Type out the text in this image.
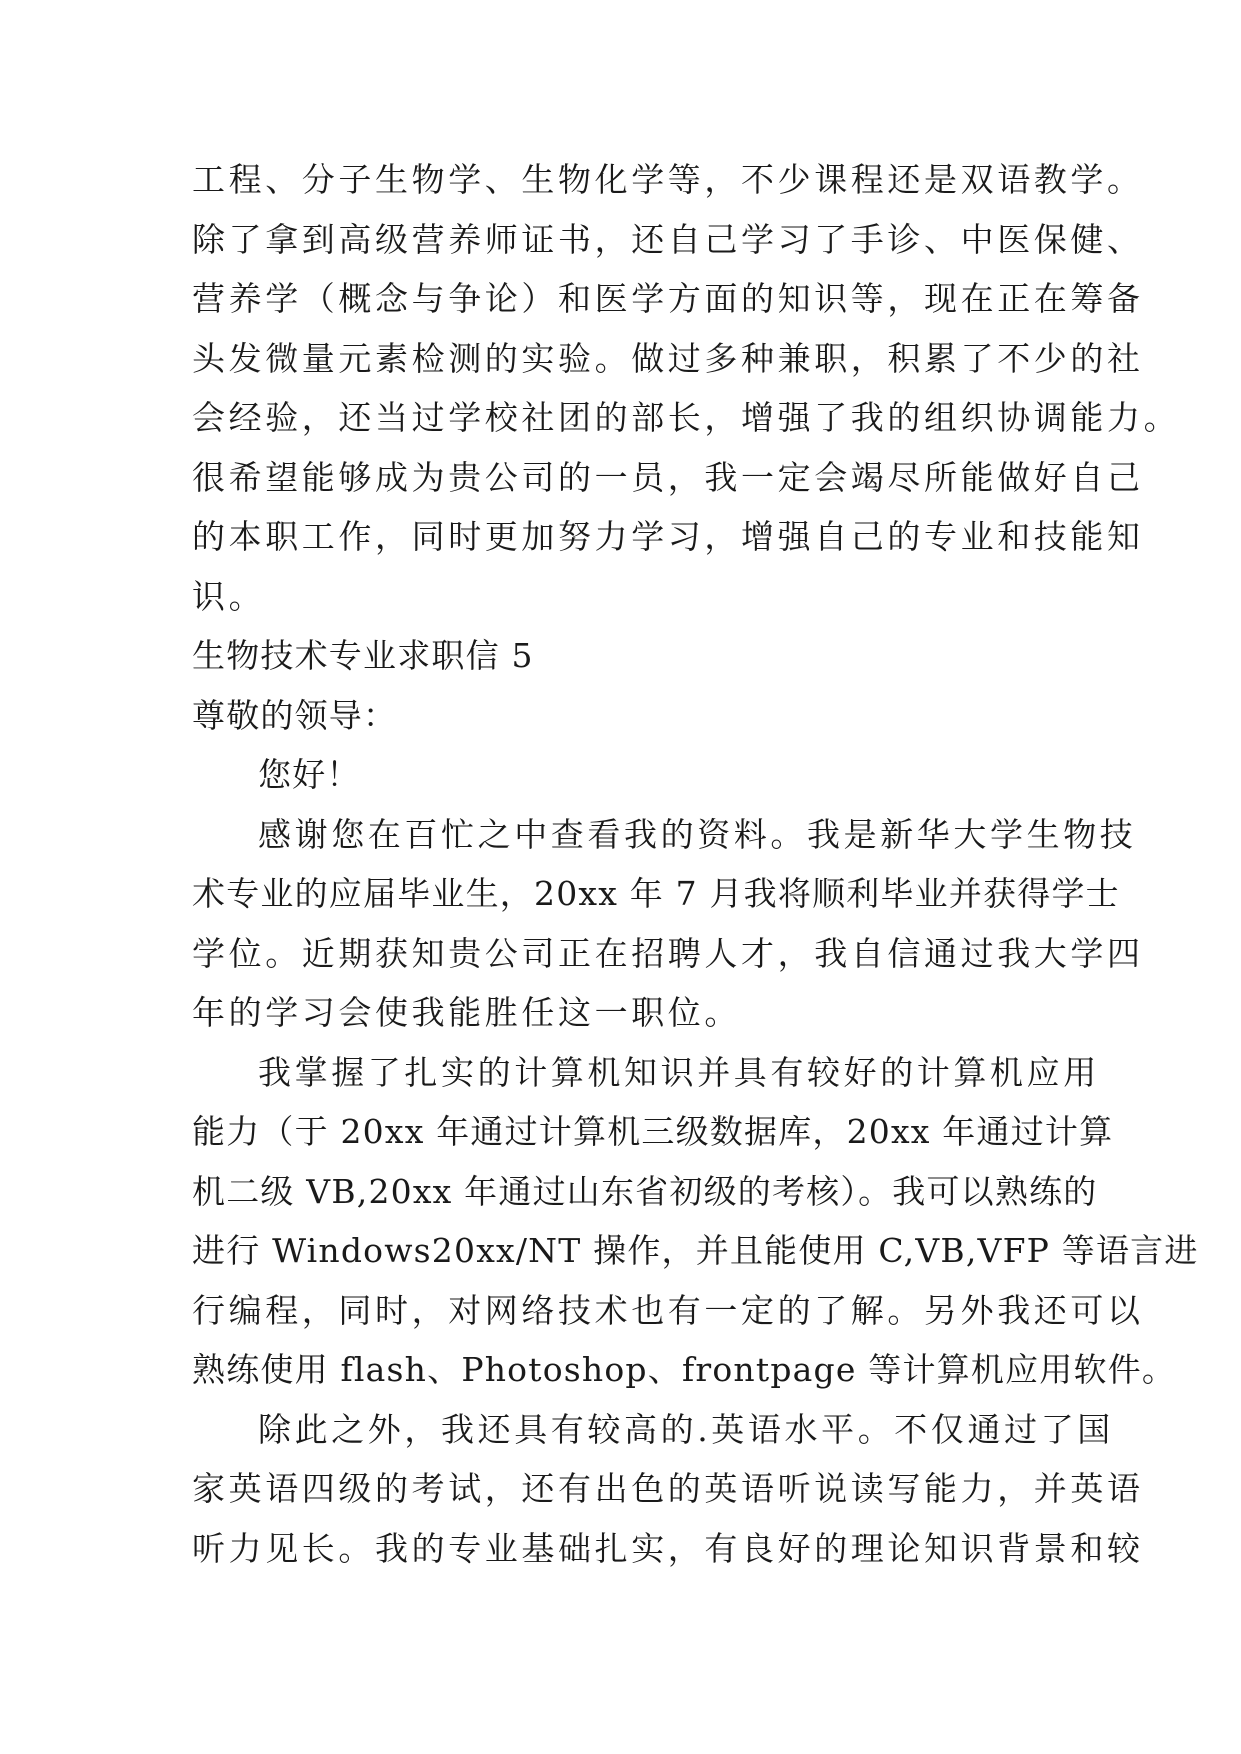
工程、分子生物学、生物化学等，不少课程还是双语教学。
除了拿到高级营养师证书，还自己学习了手诊、中医保健、
营养学（概念与争论）和医学方面的知识等，现在正在筹备
头发微量元素检测的实验。做过多种兼职，积累了不少的社
会经验，还当过学校社团的部长，增强了我的组织协调能力。
很希望能够成为贵公司的一员，我一定会竭尽所能做好自己
的本职工作，同时更加努力学习，增强自己的专业和技能知
识。
生物技术专业求职信 5
尊敬的领导：
您好！
感谢您在百忙之中查看我的资料。我是新华大学生物技
术专业的应届毕业生，20xx 年 7 月我将顺利毕业并获得学士
学位。近期获知贵公司正在招聘人才，我自信通过我大学四
年的学习会使我能胜任这一职位。
我掌握了扎实的计算机知识并具有较好的计算机应用
能力（于 20xx 年通过计算机三级数据库，20xx 年通过计算
机二级 VB,20xx 年通过山东省初级的考核）。我可以熟练的
进行 Windows20xx/NT 操作，并且能使用 C,VB,VFP 等语言进
行编程，同时，对网络技术也有一定的了解。另外我还可以
熟练使用 flash、Photoshop、frontpage 等计算机应用软件。
除此之外，我还具有较高的.英语水平。不仅通过了国
家英语四级的考试，还有出色的英语听说读写能力，并英语
听力见长。我的专业基础扎实，有良好的理论知识背景和较
